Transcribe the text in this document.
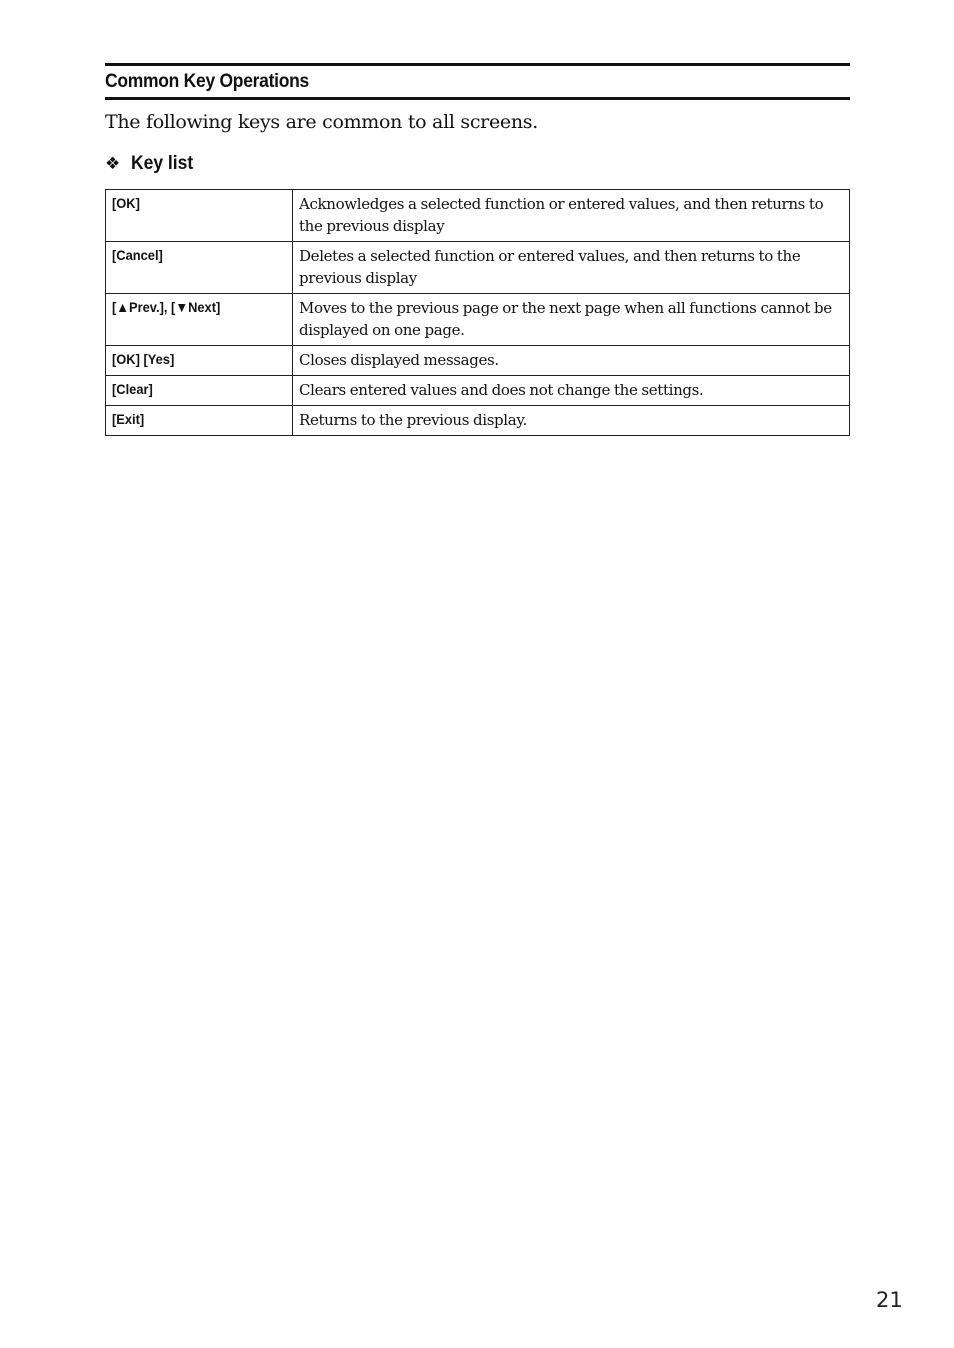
Common Key Operations
The following keys are common to all screens.
❖ Key list
[OK]	Acknowledges a selected function or entered values, and then returns to the previous display
[Cancel]	Deletes a selected function or entered values, and then returns to the previous display
[▲Prev.], [▼Next]	Moves to the previous page or the next page when all functions cannot be displayed on one page.
[OK] [Yes]	Closes displayed messages.
[Clear]	Clears entered values and does not change the settings.
[Exit]	Returns to the previous display.
21
